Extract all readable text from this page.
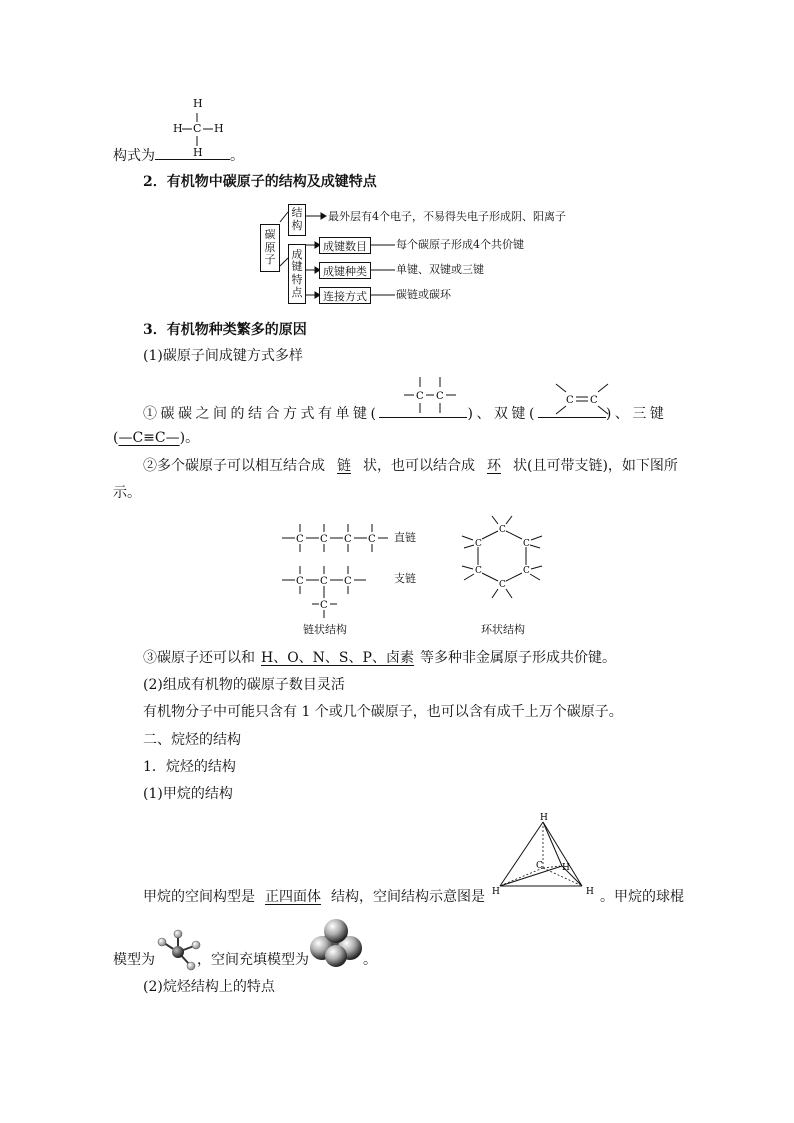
H
H C H
H
构式为	。
2．有机物中碳原子的结构及成键特点
碳
原
子
结
构
最外层有4个电子，不易得失电子形成阴、阳离子
成
键
特
点
成键数目	每个碳原子形成4个共价键
成键种类	单键、双键或三键
连接方式	碳链或碳环
3．有机物种类繁多的原因
(1)碳原子间成键方式多样
C C	C C
①碳碳之间的结合方式有单键(	)、双键(	)、三键
(—C≡C—)。
②多个碳原子可以相互结合成 链 状，也可以结合成 环 状(且可带支链)，如下图所
示。
C C C C
C C C
C
直链
支链
链状结构
C
C
C
C
C
C
环状结构
③碳原子还可以和 H、O、N、S、P、卤素 等多种非金属原子形成共价键。
(2)组成有机物的碳原子数目灵活
有机物分子中可能只含有 1 个或几个碳原子，也可以含有成千上万个碳原子。
二、烷烃的结构
1．烷烃的结构
(1)甲烷的结构
H
C H
H	H
甲烷的空间构型是 正四面体 结构，空间结构示意图是	。甲烷的球棍
模型为	，空间充填模型为	。
(2)烷烃结构上的特点
